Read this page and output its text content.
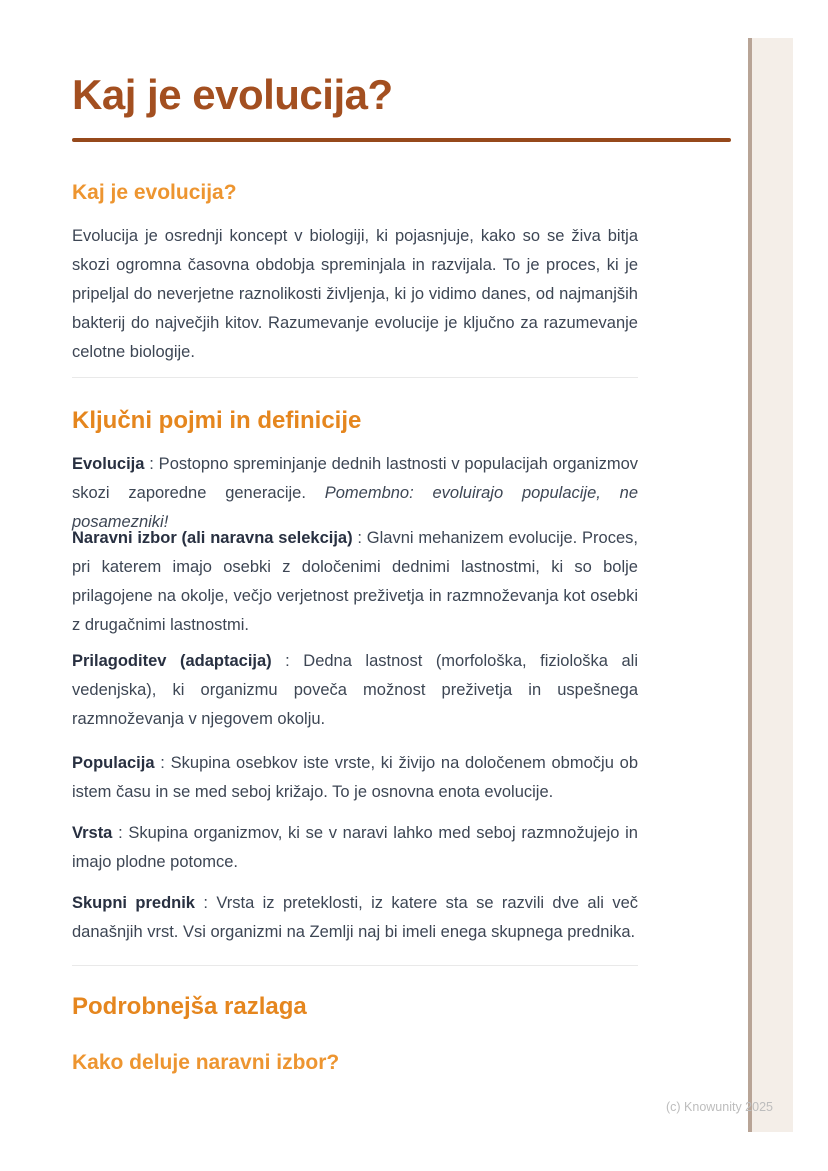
Kaj je evolucija?
Kaj je evolucija?

Evolucija je osrednji koncept v biologiji, ki pojasnjuje, kako so se živa bitja skozi ogromna časovna obdobja spreminjala in razvijala. To je proces, ki je pripeljal do neverjetne raznolikosti življenja, ki jo vidimo danes, od najmanjših bakterij do največjih kitov. Razumevanje evolucije je ključno za razumevanje celotne biologije.

Ključni pojmi in definicije

Evolucija : Postopno spreminjanje dednih lastnosti v populacijah organizmov skozi zaporedne generacije. Pomembno: evoluirajo populacije, ne posamezniki!

Naravni izbor (ali naravna selekcija) : Glavni mehanizem evolucije. Proces, pri katerem imajo osebki z določenimi dednimi lastnostmi, ki so bolje prilagojene na okolje, večjo verjetnost preživetja in razmnoževanja kot osebki z drugačnimi lastnostmi.

Prilagoditev (adaptacija) : Dedna lastnost (morfološka, fiziološka ali vedenjska), ki organizmu poveča možnost preživetja in uspešnega razmnoževanja v njegovem okolju.

Populacija : Skupina osebkov iste vrste, ki živijo na določenem območju ob istem času in se med seboj križajo. To je osnovna enota evolucije.

Vrsta : Skupina organizmov, ki se v naravi lahko med seboj razmnožujejo in imajo plodne potomce.

Skupni prednik : Vrsta iz preteklosti, iz katere sta se razvili dve ali več današnjih vrst. Vsi organizmi na Zemlji naj bi imeli enega skupnega prednika.

Podrobnejša razlaga
Kako deluje naravni izbor?
(c) Knowunity 2025
